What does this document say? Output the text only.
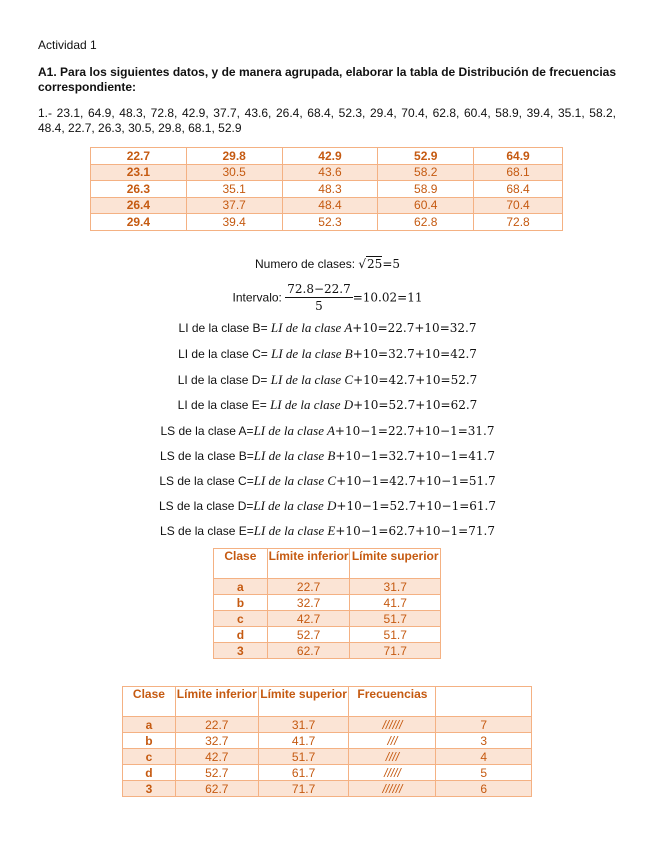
Actividad 1
A1. Para los siguientes datos, y de manera agrupada, elaborar la tabla de Distribución de frecuencias correspondiente:
1.- 23.1, 64.9, 48.3, 72.8, 42.9, 37.7, 43.6, 26.4, 68.4, 52.3, 29.4, 70.4, 62.8, 60.4, 58.9, 39.4, 35.1, 58.2, 48.4, 22.7, 26.3, 30.5, 29.8, 68.1, 52.9
22.7	29.8	42.9	52.9	64.9
23.1	30.5	43.6	58.2	68.1
26.3	35.1	48.3	58.9	68.4
26.4	37.7	48.4	60.4	70.4
29.4	39.4	52.3	62.8	72.8
Numero de clases: √25=5
Intervalo: $\frac{72.8-22.7}{5} =10.02=11$
LI de la clase B= LI de la clase A+10=22.7+10=32.7
LI de la clase C= LI de la clase B+10=32.7+10=42.7
LI de la clase D= LI de la clase C+10=42.7+10=52.7
LI de la clase E= LI de la clase D+10=52.7+10=62.7
LS de la clase A=LI de la clase A+10−1=22.7+10−1=31.7
LS de la clase B=LI de la clase B+10−1=32.7+10−1=41.7
LS de la clase C=LI de la clase C+10−1=42.7+10−1=51.7
LS de la clase D=LI de la clase D+10−1=52.7+10−1=61.7
LS de la clase E=LI de la clase E+10−1=62.7+10−1=71.7
Clase	Límite inferior	Límite superior
a	22.7	31.7
b	32.7	41.7
c	42.7	51.7
d	52.7	51.7
3	62.7	71.7
Clase	Límite inferior	Límite superior	Frecuencias	
a	22.7	31.7	//////	7
b	32.7	41.7	///	3
c	42.7	51.7	////	4
d	52.7	61.7	/////	5
3	62.7	71.7	//////	6
